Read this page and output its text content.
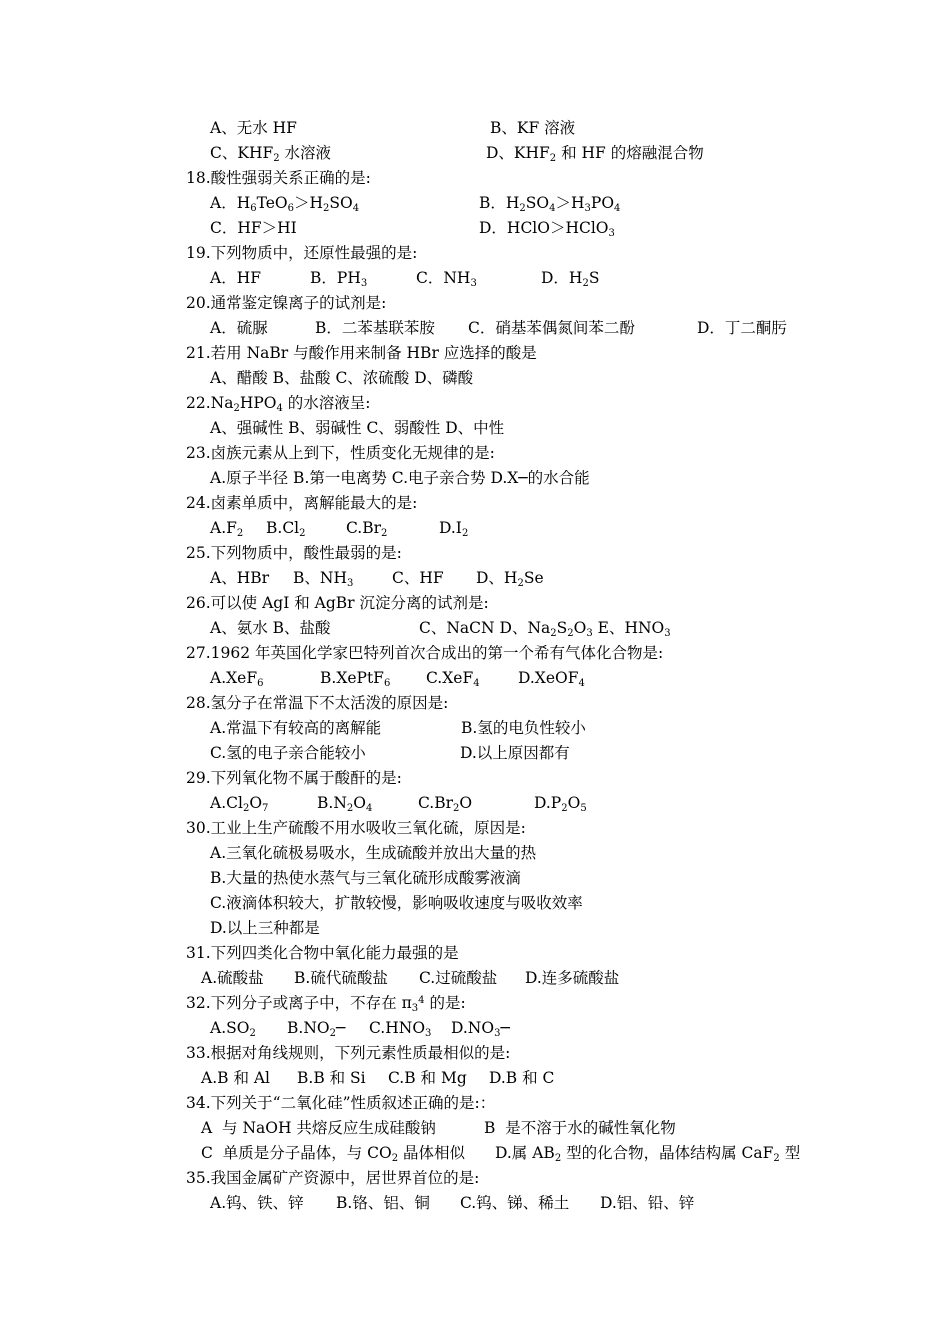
A、无水 HF	B、KF 溶液
C、$KHF_2$ 水溶液	D、$KHF_2$ 和 HF 的熔融混合物
18.酸性强弱关系正确的是:
A．$H_6TeO_6>H_2SO_4$	B．$H_2SO_4>H_3PO_4$
C．HF＞HI	D．HClO＞HClO$_3$
19.下列物质中，还原性最强的是:
A．HF	B．$PH_3$	C．$NH_3$	D．$H_2S$
20.通常鉴定镍离子的试剂是:
A．硫脲	B．二苯基联苯胺 C．硝基苯偶氮间苯二酚	D．丁二酮肟
21.若用 NaBr 与酸作用来制备 HBr 应选择的酸是
A、醋酸 B、盐酸 C、浓硫酸 D、磷酸
$22.Na_2HPO_4$ 的水溶液呈:
A、强碱性 B、弱碱性 C、弱酸性 D、中性
23.卤族元素从上到下，性质变化无规律的是:
A.原子半径 B.第一电离势 C.电子亲合势 D.X─的水合能
24.卤素单质中，离解能最大的是:
$A.F_2$ $B.Cl_2$	$C.Br_2$	$D.I_2$
25.下列物质中，酸性最弱的是:
A、HBr B、$NH_3$ C、HF D、$H_2Se$
26.可以使 AgI 和 AgBr 沉淀分离的试剂是:
A、氨水 B、盐酸	C、NaCN D、$Na_2S_2O_3$ E、$HNO_3$
27.1962 年英国化学家巴特列首次合成出的第一个希有气体化合物是:
A.XeF$_6$	B.XePtF$_6$ C.XeF$_4$ D.XeOF$_4$
28.氢分子在常温下不太活泼的原因是:
A.常温下有较高的离解能	B.氢的电负性较小
C.氢的电子亲合能较小	D.以上原因都有
29.下列氧化物不属于酸酐的是:
$A.Cl_2O_7$	$B.N_2O_4$	$C.Br_2O$	$D.P_2O_5$
30.工业上生产硫酸不用水吸收三氧化硫，原因是:
A.三氧化硫极易吸水，生成硫酸并放出大量的热
B.大量的热使水蒸气与三氧化硫形成酸雾液滴
C.液滴体积较大，扩散较慢，影响吸收速度与吸收效率
D.以上三种都是
31.下列四类化合物中氧化能力最强的是
A.硫酸盐 B.硫代硫酸盐 C.过硫酸盐 D.连多硫酸盐
32.下列分子或离子中，不存在 $\pi_3^4$ 的是:
$A.SO_2$ $B.NO_2─$ $C.HNO_3$ $D.NO_3─$
33.根据对角线规则，下列元素性质最相似的是:
A.B 和 Al B.B 和 Si C.B 和 Mg D.B 和 C
34.下列关于“二氧化硅”性质叙述正确的是:：
A  与 NaOH 共熔反应生成硅酸钠	B  是不溶于水的碱性氧化物
C  单质是分子晶体，与 $CO_2$ 晶体相似 D.属 $AB_2$ 型的化合物，晶体结构属 CaF$_2$ 型
35.我国金属矿产资源中，居世界首位的是:
A.钨、铁、锌 B.铬、铝、铜 C.钨、锑、稀土 D.铝、铅、锌
